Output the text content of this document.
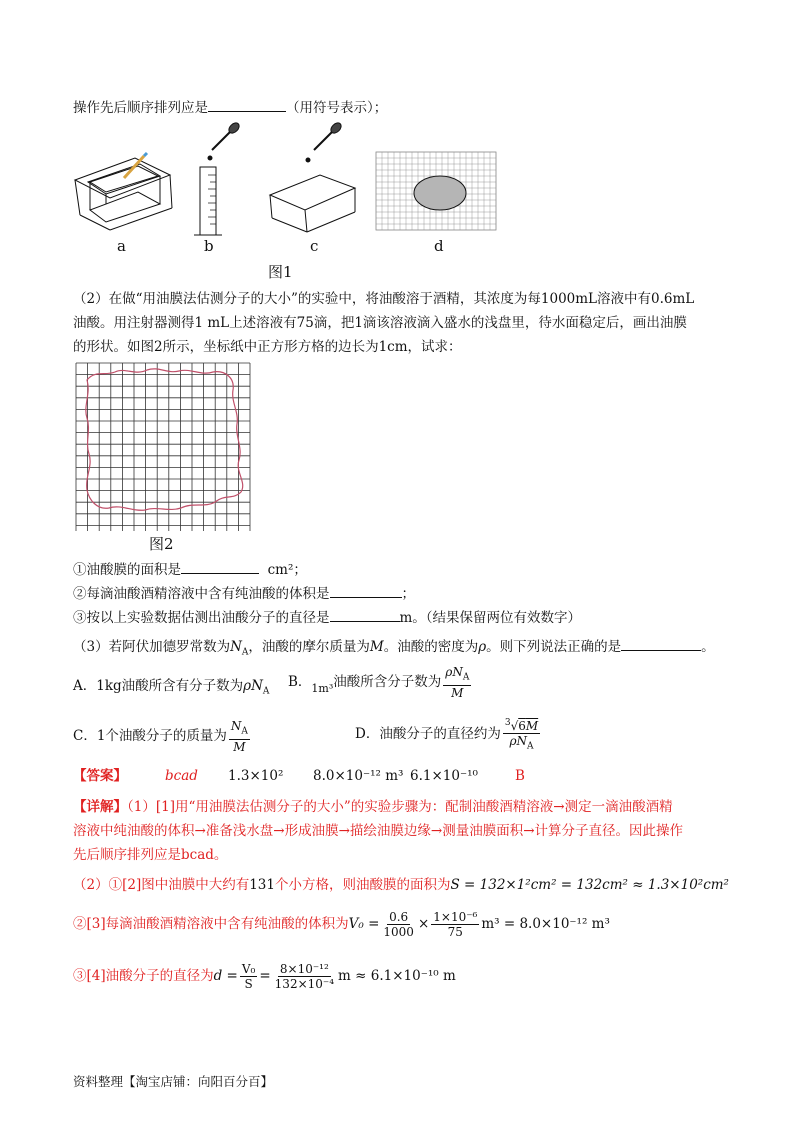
操作先后顺序排列应是	（用符号表示）；
a	b	c	d
图1
（2）在做“用油膜法估测分子的大小”的实验中，将油酸溶于酒精，其浓度为每1000mL溶液中有0.6mL
油酸。用注射器测得1 mL上述溶液有75滴，把1滴该溶液滴入盛水的浅盘里，待水面稳定后，画出油膜
的形状。如图2所示，坐标纸中正方形方格的边长为1cm，试求：
图2
①油酸膜的面积是	cm²；
②每滴油酸酒精溶液中含有纯油酸的体积是	；
③按以上实验数据估测出油酸分子的直径是	m。（结果保留两位有效数字）
（3）若阿伏加德罗常数为$N_A$，油酸的摩尔质量为M。油酸的密度为ρ。则下列说法正确的是	。
A．1kg油酸所含有分子数为$\rho N_A$
B．$_{1m^3}$油酸所含分子数为 $\frac{\rho N_A}{M}$
C．1个油酸分子的质量为 $\frac{N_A}{M}$	D．油酸分子的直径约为 $\frac{^3√6M}{\rho N_A}$
【答案】	bcad 1.3×10² 8.0×10⁻¹² m³ 6.1×10⁻¹⁰	B
【详解】（1）[1]用“用油膜法估测分子的大小”的实验步骤为：配制油酸酒精溶液→测定一滴油酸酒精
溶液中纯油酸的体积→准备浅水盘→形成油膜→描绘油膜边缘→测量油膜面积→计算分子直径。因此操作
先后顺序排列应是bcad。
（2）①[2]图中油膜中大约有131个小方格，则油酸膜的面积为S = 132×1²cm² = 132cm² ≈ 1.3×10²cm²
②[3]每滴油酸酒精溶液中含有纯油酸的体积为$V_0 = \frac{0.6}{1000} \times \frac{\text{1×10⁻⁶}}{75} m^3 = 8.0\times 10^{-12}$ m³
③[4]油酸分子的直径为$d = \frac{\text{V₀}}{S} = \frac{\text{8×10⁻¹²}}{\text{132×10⁻⁴}}$ m ≈ 6.1×10⁻¹⁰ m
资料整理【淘宝店铺：向阳百分百】
